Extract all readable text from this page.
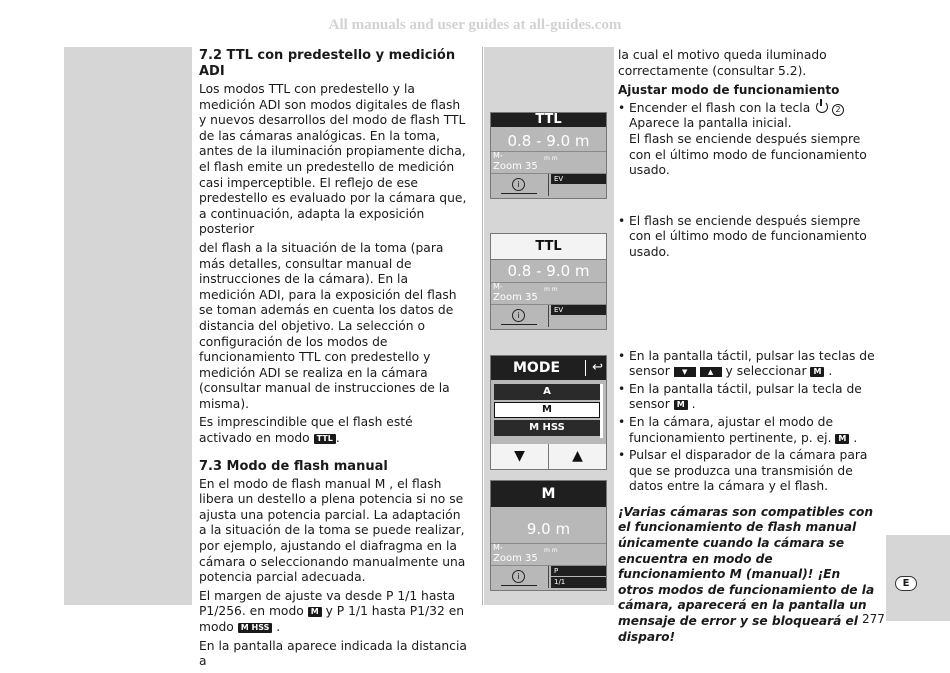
All manuals and user guides at all-guides.com
E
277
7.2 TTL con predestello y medición ADI

Los modos TTL con predestello y la medición ADI son modos digitales de flash y nuevos desarrollos del modo de flash TTL de las cámaras analógicas. En la toma, antes de la iluminación propiamente dicha, el flash emite un predestello de medición casi imperceptible. El reflejo de ese predestello es evaluado por la cámara que, a continuación, adapta la exposición posterior

del flash a la situación de la toma (para más detalles, consultar manual de instrucciones de la cámara). En la medición ADI, para la exposición del flash se toman además en cuenta los datos de distancia del objetivo. La selección o configuración de los modos de funcionamiento TTL con predestello y medición ADI se realiza en la cámara (consultar manual de instrucciones de la misma).

Es imprescindible que el flash esté activado en modo TTL .

7.3 Modo de flash manual

En el modo de flash manual M , el flash libera un destello a plena potencia si no se ajusta una potencia parcial. La adaptación a la situación de la toma se puede realizar, por ejemplo, ajustando el diafragma en la cámara o seleccionando manualmente una potencia parcial adecuada.

El margen de ajuste va desde P 1/1 hasta P1/256. en modo M y P 1/1 hasta P1/32 en modo M HSS .

En la pantalla aparece indicada la distancia a

TTL
0.8 - 9.0 m
M-
Zoom 35
m m
i
EV
TTL
0.8 - 9.0 m
M-
Zoom 35
m m
i
EV
MODE ↩
A
M
M HSS
▼	▲
M
9.0 m
M-
Zoom 35
m m
i
P
1/1

la cual el motivo queda iluminado correctamente (consultar 5.2).

Ajustar modo de funcionamiento
• Encender el flash con la tecla	2
Aparece la pantalla inicial.
El flash se enciende después siempre con el último modo de funcionamiento usado.
• El flash se enciende después siempre con el último modo de funcionamiento usado.
• En la pantalla táctil, pulsar las teclas de sensor ▼	▲ y seleccionar M .
• En la pantalla táctil, pulsar la tecla de sensor M .
• En la cámara, ajustar el modo de funcionamiento pertinente, p. ej. M .
• Pulsar el disparador de la cámara para que se produzca una transmisión de datos entre la cámara y el flash.

¡Varias cámaras son compatibles con el funcionamiento de flash manual únicamente cuando la cámara se encuentra en modo de funcionamiento M (manual)! ¡En otros modos de funcionamiento de la cámara, aparecerá en la pantalla un mensaje de error y se bloqueará el disparo!
